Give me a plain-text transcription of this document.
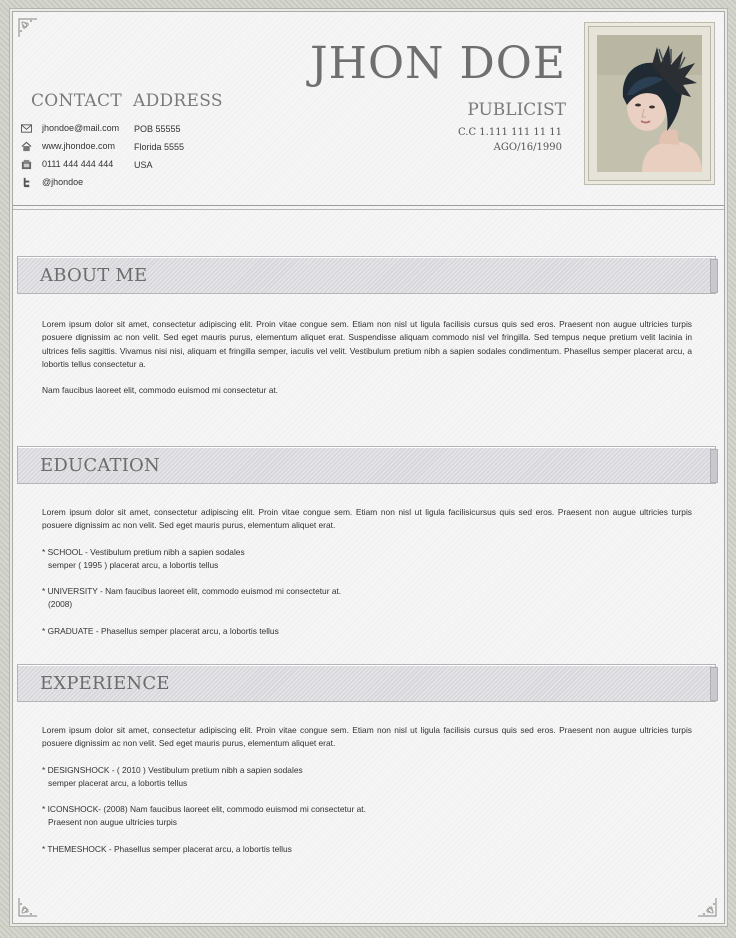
JHON DOE
PUBLICIST
C.C 1.111 111 11 11
AGO/16/1990
CONTACT ADDRESS
jhondoe@mail.com
www.jhondoe.com
0111 444 444 444
@jhondoe
POB 55555
Florida 5555
USA
ABOUT ME

Lorem ipsum dolor sit amet, consectetur adipiscing elit. Proin vitae congue sem. Etiam non nisl ut ligula facilisis cursus quis sed eros. Praesent non augue ultricies turpis posuere dignissim ac non velit. Sed eget mauris purus, elementum aliquet erat. Suspendisse aliquam commodo nisl vel fringilla. Sed tempus neque pretium velit lacinia in ultrices felis sagittis. Vivamus nisi nisi, aliquam et fringilla semper, iaculis vel velit. Vestibulum pretium nibh a sapien sodales condimentum. Phasellus semper placerat arcu, a lobortis tellus consectetur a.

Nam faucibus laoreet elit, commodo euismod mi consectetur at.

EDUCATION

Lorem ipsum dolor sit amet, consectetur adipiscing elit. Proin vitae congue sem. Etiam non nisl ut ligula facilisicursus quis sed eros. Praesent non augue ultricies turpis posuere dignissim ac non velit. Sed eget mauris purus, elementum aliquet erat.

* SCHOOL - Vestibulum pretium nibh a sapien sodales

semper ( 1995 ) placerat arcu, a lobortis tellus

* UNIVERSITY - Nam faucibus laoreet elit, commodo euismod mi consectetur at.

(2008)

* GRADUATE - Phasellus semper placerat arcu, a lobortis tellus

EXPERIENCE

Lorem ipsum dolor sit amet, consectetur adipiscing elit. Proin vitae congue sem. Etiam non nisl ut ligula facilisis cursus quis sed eros. Praesent non augue ultricies turpis posuere dignissim ac non velit. Sed eget mauris purus, elementum aliquet erat.

* DESIGNSHOCK - ( 2010 ) Vestibulum pretium nibh a sapien sodales

semper placerat arcu, a lobortis tellus

* ICONSHOCK- (2008) Nam faucibus laoreet elit, commodo euismod mi consectetur at.

Praesent non augue ultricies turpis

* THEMESHOCK - Phasellus semper placerat arcu, a lobortis tellus
